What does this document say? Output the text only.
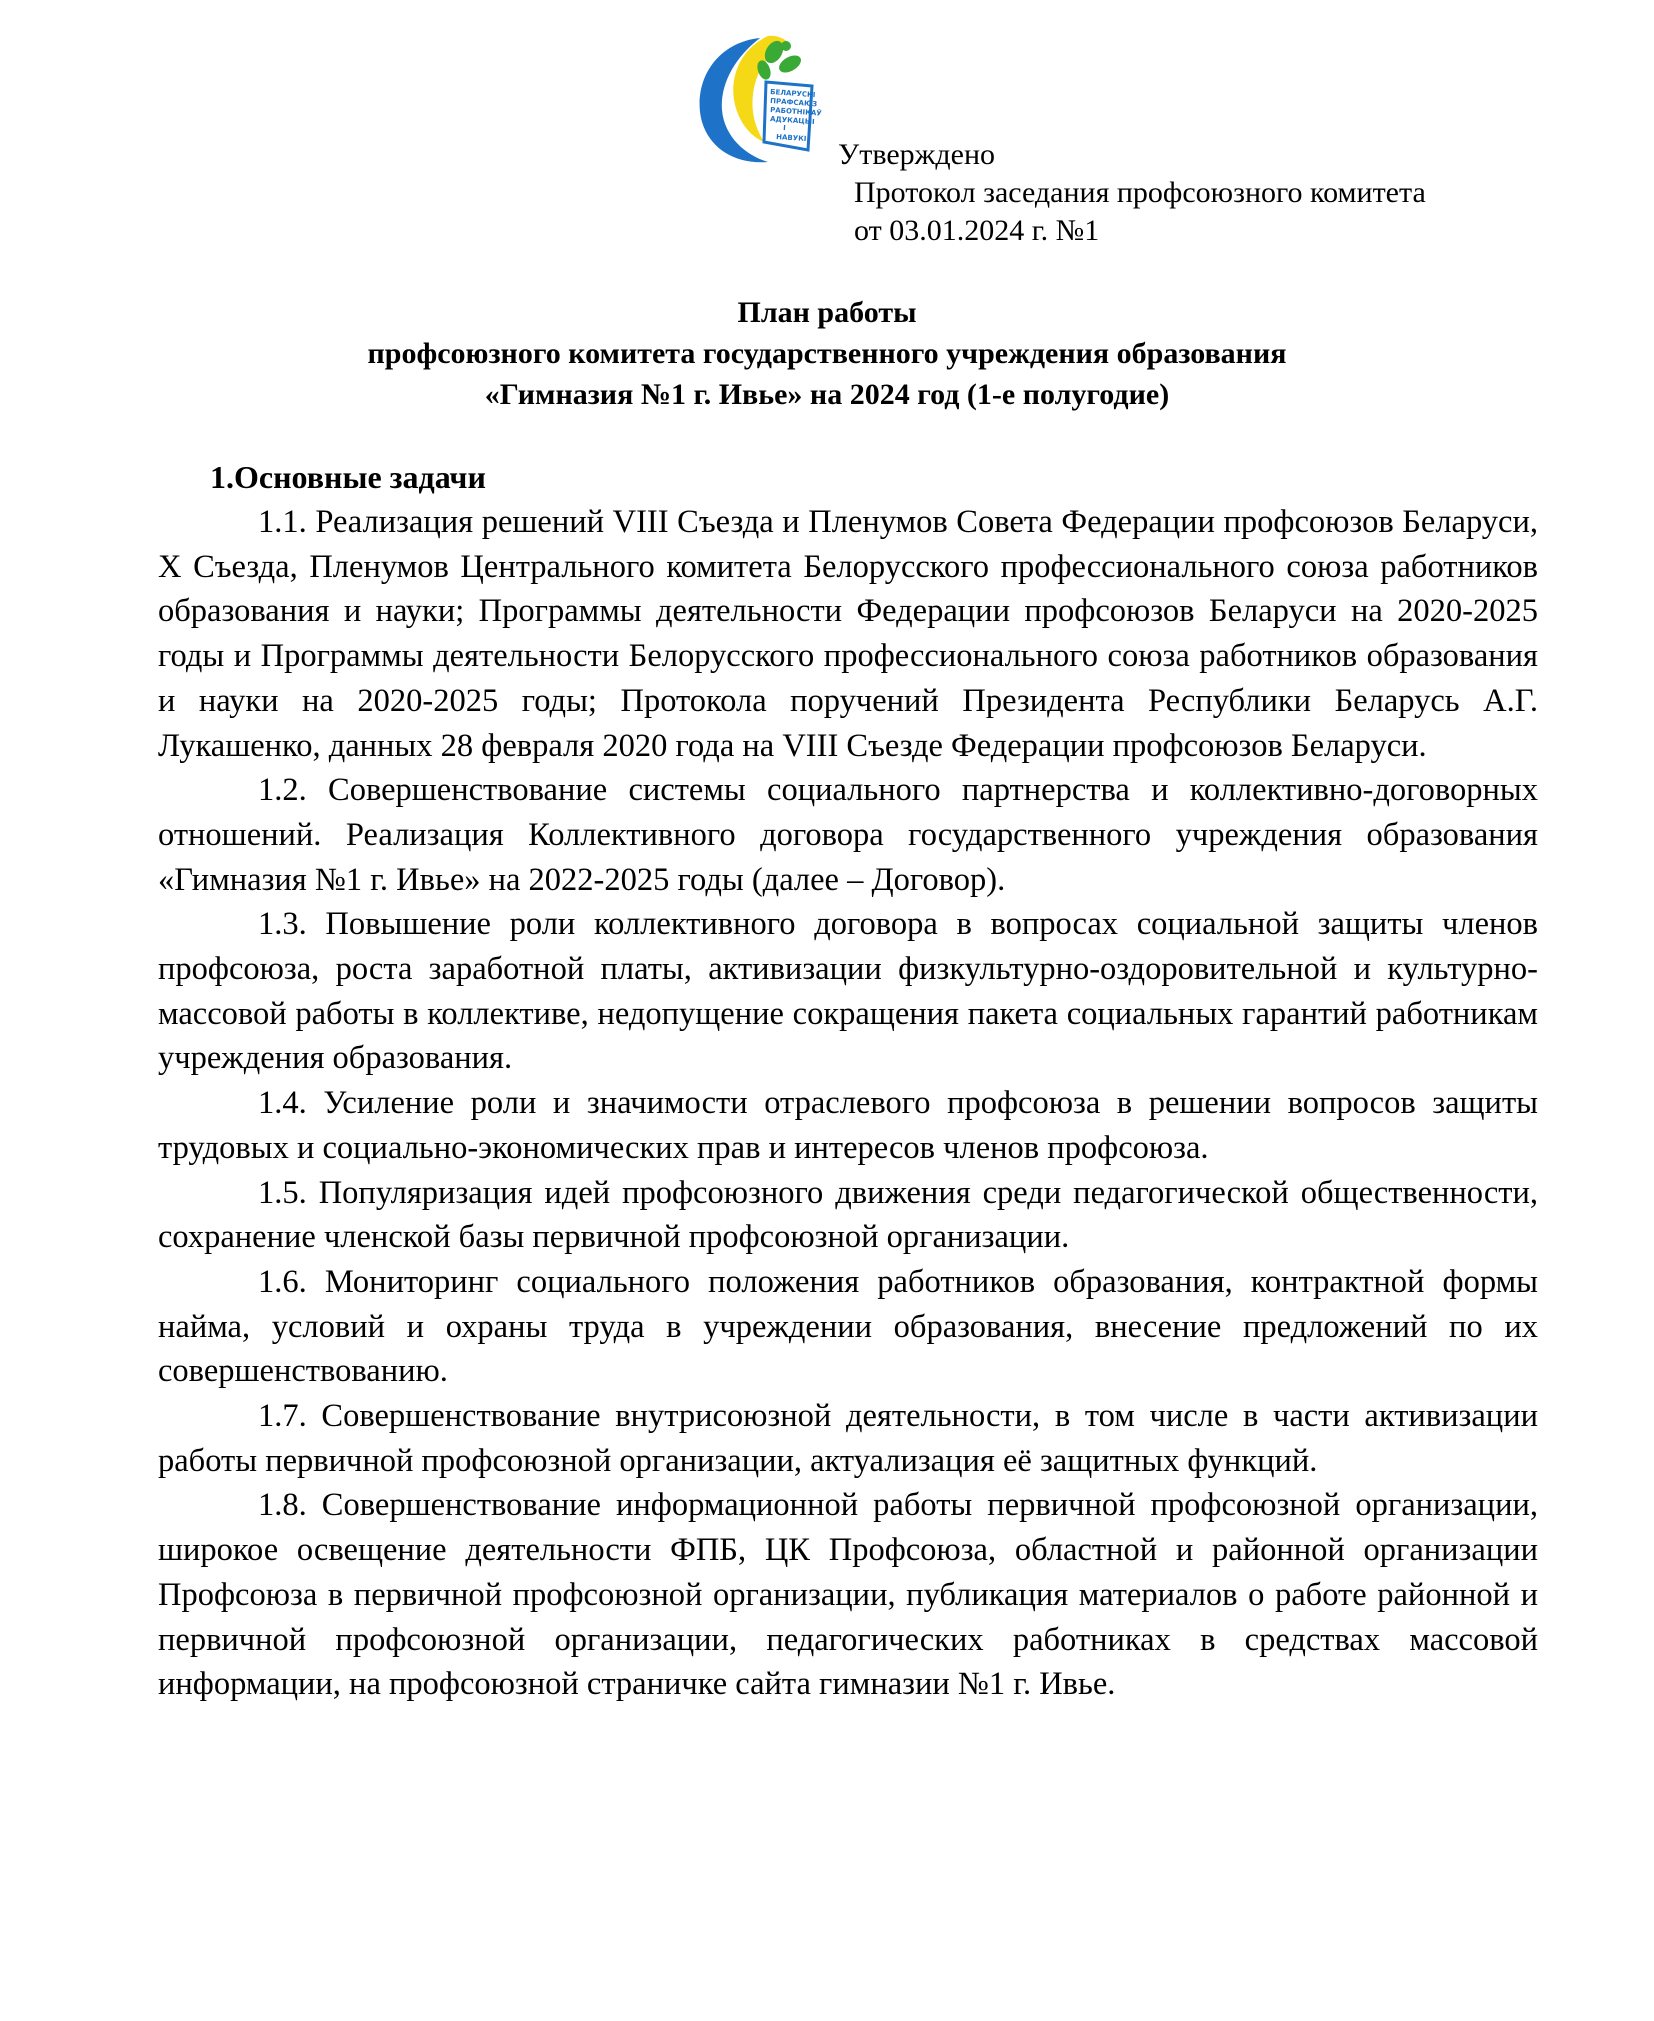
БЕЛАРУСКІ
ПРАФСАЮЗ
РАБОТНІКАЎ
АДУКАЦЫІ
І
НАВУКІ Утверждено
Протокол заседания профсоюзного комитета
от 03.01.2024 г. №1
План работы
профсоюзного комитета государственного учреждения образования
«Гимназия №1 г. Ивье» на 2024 год (1-е полугодие)
1.Основные задачи

1.1. Реализация решений VIII Съезда и Пленумов Совета Федерации профсоюзов Беларуси, X Съезда, Пленумов Центрального комитета Белорусского профессионального союза работников образования и науки; Программы деятельности Федерации профсоюзов Беларуси на 2020-2025 годы и Программы деятельности Белорусского профессионального союза работников образования и науки на 2020-2025 годы; Протокола поручений Президента Республики Беларусь А.Г. Лукашенко, данных 28 февраля 2020 года на VIII Съезде Федерации профсоюзов Беларуси.

1.2. Совершенствование системы социального партнерства и коллективно-договорных отношений. Реализация Коллективного договора государственного учреждения образования «Гимназия №1 г. Ивье» на 2022-2025 годы (далее – Договор).

1.3. Повышение роли коллективного договора в вопросах социальной защиты членов профсоюза, роста заработной платы, активизации физкультурно-оздоровительной и культурно-массовой работы в коллективе, недопущение сокращения пакета социальных гарантий работникам учреждения образования.

1.4. Усиление роли и значимости отраслевого профсоюза в решении вопросов защиты трудовых и социально-экономических прав и интересов членов профсоюза.

1.5. Популяризация идей профсоюзного движения среди педагогической общественности, сохранение членской базы первичной профсоюзной организации.

1.6. Мониторинг социального положения работников образования, контрактной формы найма, условий и охраны труда в учреждении образования, внесение предложений по их совершенствованию.

1.7. Совершенствование внутрисоюзной деятельности, в том числе в части активизации работы первичной профсоюзной организации, актуализация её защитных функций.

1.8. Совершенствование информационной работы первичной профсоюзной организации, широкое освещение деятельности ФПБ, ЦК Профсоюза, областной и районной организации Профсоюза в первичной профсоюзной организации, публикация материалов о работе районной и первичной профсоюзной организации, педагогических работниках в средствах массовой информации, на профсоюзной страничке сайта гимназии №1 г. Ивье.
